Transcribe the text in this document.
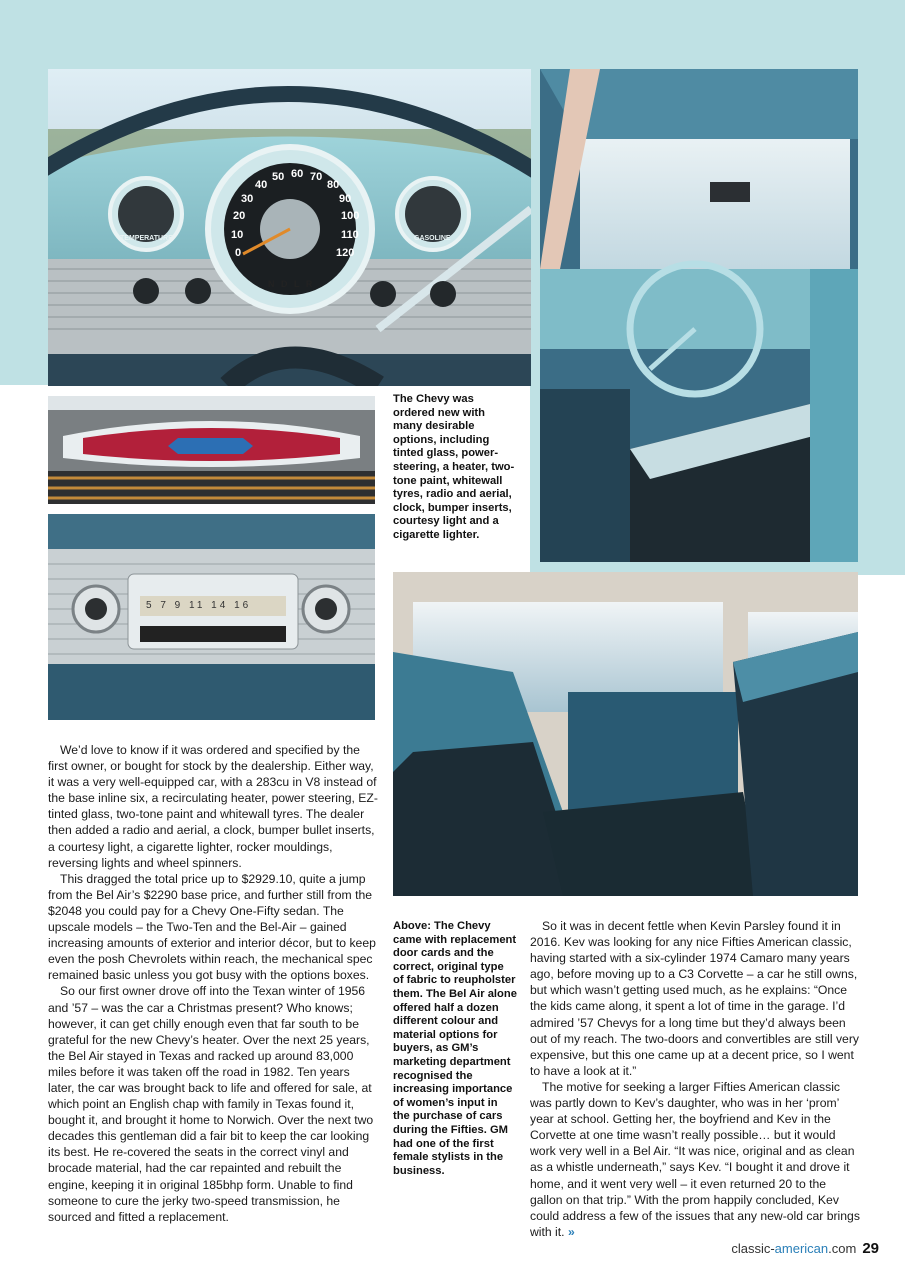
TEMPERATURE	GASOLINE
0
10
20
30
40
50 60 70
80
90
100
110
120
N D L R
5 7 9 11 14 16

The Chevy was ordered new with many desirable options, including tinted glass, power-steering, a heater, two-tone paint, whitewall tyres, radio and aerial, clock, bumper inserts, courtesy light and a cigarette lighter.

Above: The Chevy came with replacement door cards and the correct, original type of fabric to reupholster them. The Bel Air alone offered half a dozen different colour and material options for buyers, as GM’s marketing department recognised the increasing importance of women’s input in the purchase of cars during the Fifties. GM had one of the first female stylists in the business.

We’d love to know if it was ordered and specified by the first owner, or bought for stock by the dealership. Either way, it was a very well-equipped car, with a 283cu in V8 instead of the base inline six, a recirculating heater, power steering, EZ-tinted glass, two-tone paint and whitewall tyres. The dealer then added a radio and aerial, a clock, bumper bullet inserts, a courtesy light, a cigarette lighter, rocker mouldings, reversing lights and wheel spinners.

This dragged the total price up to $2929.10, quite a jump from the Bel Air’s $2290 base price, and further still from the $2048 you could pay for a Chevy One-Fifty sedan. The upscale models – the Two-Ten and the Bel-Air – gained increasing amounts of exterior and interior décor, but to keep even the posh Chevrolets within reach, the mechanical spec remained basic unless you got busy with the options boxes.

So our first owner drove off into the Texan winter of 1956 and ’57 – was the car a Christmas present? Who knows; however, it can get chilly enough even that far south to be grateful for the new Chevy’s heater. Over the next 25 years, the Bel Air stayed in Texas and racked up around 83,000 miles before it was taken off the road in 1982. Ten years later, the car was brought back to life and offered for sale, at which point an English chap with family in Texas found it, bought it, and brought it home to Norwich. Over the next two decades this gentleman did a fair bit to keep the car looking its best. He re-covered the seats in the correct vinyl and brocade material, had the car repainted and rebuilt the engine, keeping it in original 185bhp form. Unable to find someone to cure the jerky two-speed transmission, he sourced and fitted a replacement.

So it was in decent fettle when Kevin Parsley found it in 2016. Kev was looking for any nice Fifties American classic, having started with a six-cylinder 1974 Camaro many years ago, before moving up to a C3 Corvette – a car he still owns, but which wasn’t getting used much, as he explains: “Once the kids came along, it spent a lot of time in the garage. I’d admired ’57 Chevys for a long time but they’d always been out of my reach. The two-doors and convertibles are still very expensive, but this one came up at a decent price, so I went to have a look at it.”

The motive for seeking a larger Fifties American classic was partly down to Kev’s daughter, who was in her ‘prom’ year at school. Getting her, the boyfriend and Kev in the Corvette at one time wasn’t really possible… but it would work very well in a Bel Air. “It was nice, original and as clean as a whistle underneath,” says Kev. “I bought it and drove it home, and it went very well – it even returned 20 to the gallon on that trip.” With the prom happily concluded, Kev could address a few of the issues that any new-old car brings with it. »

classic-american.com 29
